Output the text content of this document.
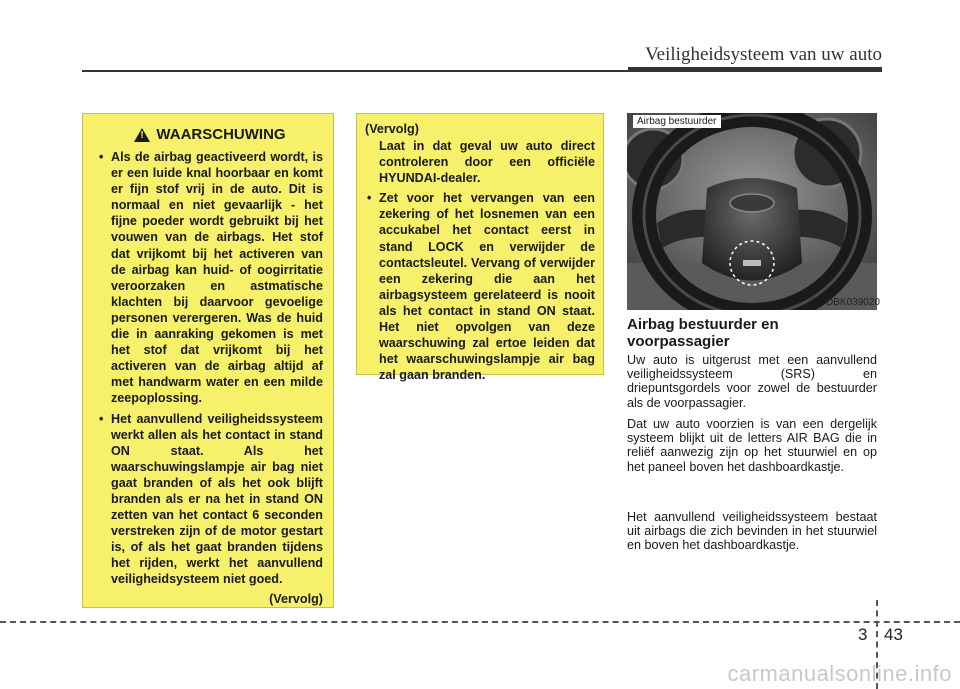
Veiligheidsysteem van uw auto
!
WAARSCHUWING
• Als de airbag geactiveerd wordt, is er een luide knal hoorbaar en komt er fijn stof vrij in de auto. Dit is normaal en niet gevaarlijk - het fijne poeder wordt gebruikt bij het vouwen van de airbags. Het stof dat vrijkomt bij het activeren van de airbag kan huid- of oogirritatie veroorzaken en astmatische klachten bij daarvoor gevoelige personen verergeren. Was de huid die in aanraking gekomen is met het stof dat vrijkomt bij het activeren van de airbag altijd af met handwarm water en een milde zeepoplossing.
• Het aanvullend veiligheidssysteem werkt allen als het contact in stand ON staat. Als het waarschuwingslampje air bag niet gaat branden of als het ook blijft branden als er na het in stand ON zetten van het contact 6 seconden verstreken zijn of de motor gestart is, of als het gaat branden tijdens het rijden, werkt het aanvullend veiligheidsysteem niet goed.
(Vervolg)
(Vervolg)
Laat in dat geval uw auto direct controleren door een officiële HYUNDAI-dealer.
• Zet voor het vervangen van een zekering of het losnemen van een accukabel het contact eerst in stand LOCK en verwijder de contactsleutel. Vervang of verwijder een zekering die aan het airbagsysteem gerelateerd is nooit als het contact in stand ON staat. Het niet opvolgen van deze waarschuwing zal ertoe leiden dat het waarschuwingslampje air bag zal gaan branden.
Airbag bestuurder
OBK039020
Airbag bestuurder en voorpassagier
Uw auto is uitgerust met een aanvullend veiligheidssysteem (SRS) en driepuntsgordels voor zowel de bestuurder als de voorpassagier.
Dat uw auto voorzien is van een dergelijk systeem blijkt uit de letters AIR BAG die in reliëf aanwezig zijn op het stuurwiel en op het paneel boven het dashboardkastje.
Het aanvullend veiligheidssysteem bestaat uit airbags die zich bevinden in het stuurwiel en boven het dashboardkastje.
3 43
carmanualsonline.info
